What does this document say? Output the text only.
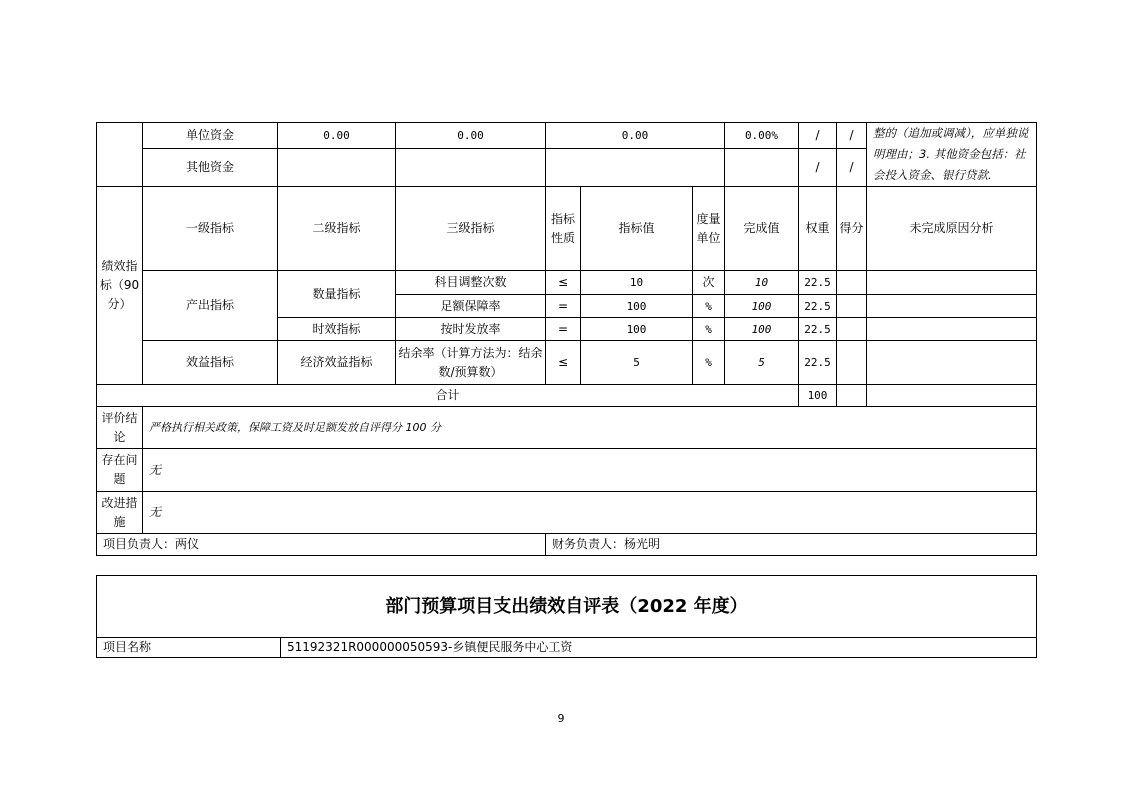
	单位资金	0.00	0.00	0.00			0.00%	/	/	整的（追加或调减），应单独说明理由；3. 其他资金包括：社会投入资金、银行贷款.
	其他资金							/	/	
绩效指标（90分）	一级指标	二级指标	三级指标	指标性质	指标值	度量单位	完成值	权重	得分	未完成原因分析
	产出指标	数量指标	科目调整次数	≤	10	次	10	22.5		
			足额保障率	=	100	%	100	22.5		
		时效指标	按时发放率	=	100	%	100	22.5		
	效益指标	经济效益指标	结余率（计算方法为：结余数/预算数）	≤	5	%	5	22.5		
合计								100		
评价结论	严格执行相关政策，保障工资及时足额发放自评得分 100 分									
存在问题	无									
改进措施	无									
项目负责人：两仪				财务负责人：杨光明						
部门预算项目支出绩效自评表（2022 年度）
项目名称	51192321R000000050593-乡镇便民服务中心工资
9
